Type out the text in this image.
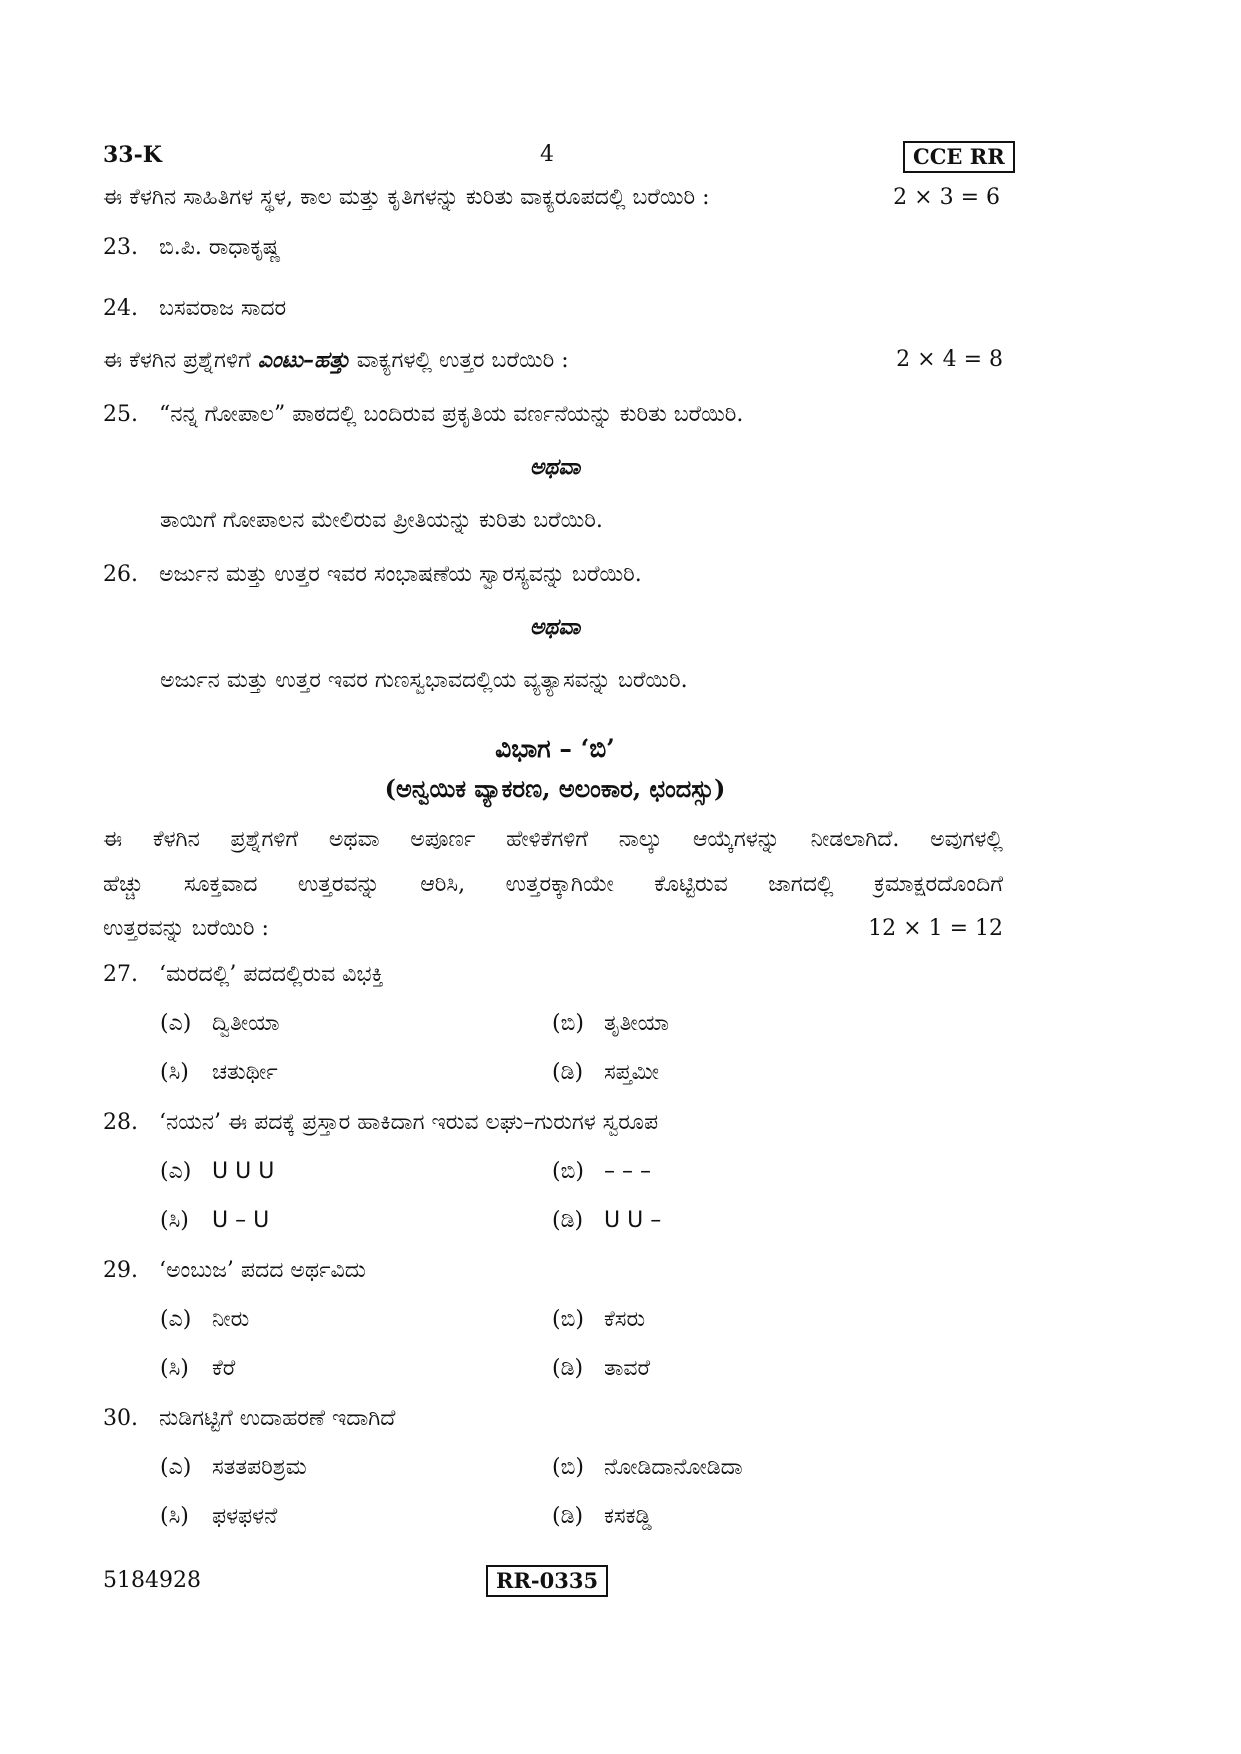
33-K	4	CCE RR
ಈ ಕೆಳಗಿನ ಸಾಹಿತಿಗಳ ಸ್ಥಳ, ಕಾಲ ಮತ್ತು ಕೃತಿಗಳನ್ನು ಕುರಿತು ವಾಕ್ಯರೂಪದಲ್ಲಿ ಬರೆಯಿರಿ :	2 × 3 = 6
23. ಬಿ.ಪಿ. ರಾಧಾಕೃಷ್ಣ
24. ಬಸವರಾಜ ಸಾದರ
ಈ ಕೆಳಗಿನ ಪ್ರಶ್ನೆಗಳಿಗೆ ಎಂಟು–ಹತ್ತು ವಾಕ್ಯಗಳಲ್ಲಿ ಉತ್ತರ ಬರೆಯಿರಿ :	2 × 4 = 8
25. “ನನ್ನ ಗೋಪಾಲ” ಪಾಠದಲ್ಲಿ ಬಂದಿರುವ ಪ್ರಕೃತಿಯ ವರ್ಣನೆಯನ್ನು ಕುರಿತು ಬರೆಯಿರಿ.
ಅಥವಾ
ತಾಯಿಗೆ ಗೋಪಾಲನ ಮೇಲಿರುವ ಪ್ರೀತಿಯನ್ನು ಕುರಿತು ಬರೆಯಿರಿ.
26. ಅರ್ಜುನ ಮತ್ತು ಉತ್ತರ ಇವರ ಸಂಭಾಷಣೆಯ ಸ್ವಾರಸ್ಯವನ್ನು ಬರೆಯಿರಿ.
ಅಥವಾ
ಅರ್ಜುನ ಮತ್ತು ಉತ್ತರ ಇವರ ಗುಣಸ್ವಭಾವದಲ್ಲಿಯ ವ್ಯತ್ಯಾಸವನ್ನು ಬರೆಯಿರಿ.
ವಿಭಾಗ – ‘ಬಿ’
(ಅನ್ವಯಿಕ ವ್ಯಾಕರಣ, ಅಲಂಕಾರ, ಛಂದಸ್ಸು)
ಈ ಕೆಳಗಿನ ಪ್ರಶ್ನೆಗಳಿಗೆ ಅಥವಾ ಅಪೂರ್ಣ ಹೇಳಿಕೆಗಳಿಗೆ ನಾಲ್ಕು ಆಯ್ಕೆಗಳನ್ನು ನೀಡಲಾಗಿದೆ. ಅವುಗಳಲ್ಲಿ
ಹೆಚ್ಚು ಸೂಕ್ತವಾದ ಉತ್ತರವನ್ನು ಆರಿಸಿ, ಉತ್ತರಕ್ಕಾಗಿಯೇ ಕೊಟ್ಟಿರುವ ಜಾಗದಲ್ಲಿ ಕ್ರಮಾಕ್ಷರದೊಂದಿಗೆ
ಉತ್ತರವನ್ನು ಬರೆಯಿರಿ :	12 × 1 = 12
27. ‘ಮರದಲ್ಲಿ’ ಪದದಲ್ಲಿರುವ ವಿಭಕ್ತಿ
(ಎ) ದ್ವಿತೀಯಾ	(ಬಿ) ತೃತೀಯಾ
(ಸಿ) ಚತುರ್ಥೀ	(ಡಿ) ಸಪ್ತಮೀ
28. ‘ನಯನ’ ಈ ಪದಕ್ಕೆ ಪ್ರಸ್ತಾರ ಹಾಕಿದಾಗ ಇರುವ ಲಘು–ಗುರುಗಳ ಸ್ವರೂಪ
(ಎ) U U U	(ಬಿ) – – –
(ಸಿ) U – U	(ಡಿ) U U –
29. ‘ಅಂಬುಜ’ ಪದದ ಅರ್ಥವಿದು
(ಎ) ನೀರು	(ಬಿ) ಕೆಸರು
(ಸಿ) ಕೆರೆ	(ಡಿ) ತಾವರೆ
30. ನುಡಿಗಟ್ಟಿಗೆ ಉದಾಹರಣೆ ಇದಾಗಿದೆ
(ಎ) ಸತತಪರಿಶ್ರಮ	(ಬಿ) ನೋಡಿದಾನೋಡಿದಾ
(ಸಿ) ಫಳಫಳನೆ	(ಡಿ) ಕಸಕಡ್ಡಿ
5184928	RR-0335
